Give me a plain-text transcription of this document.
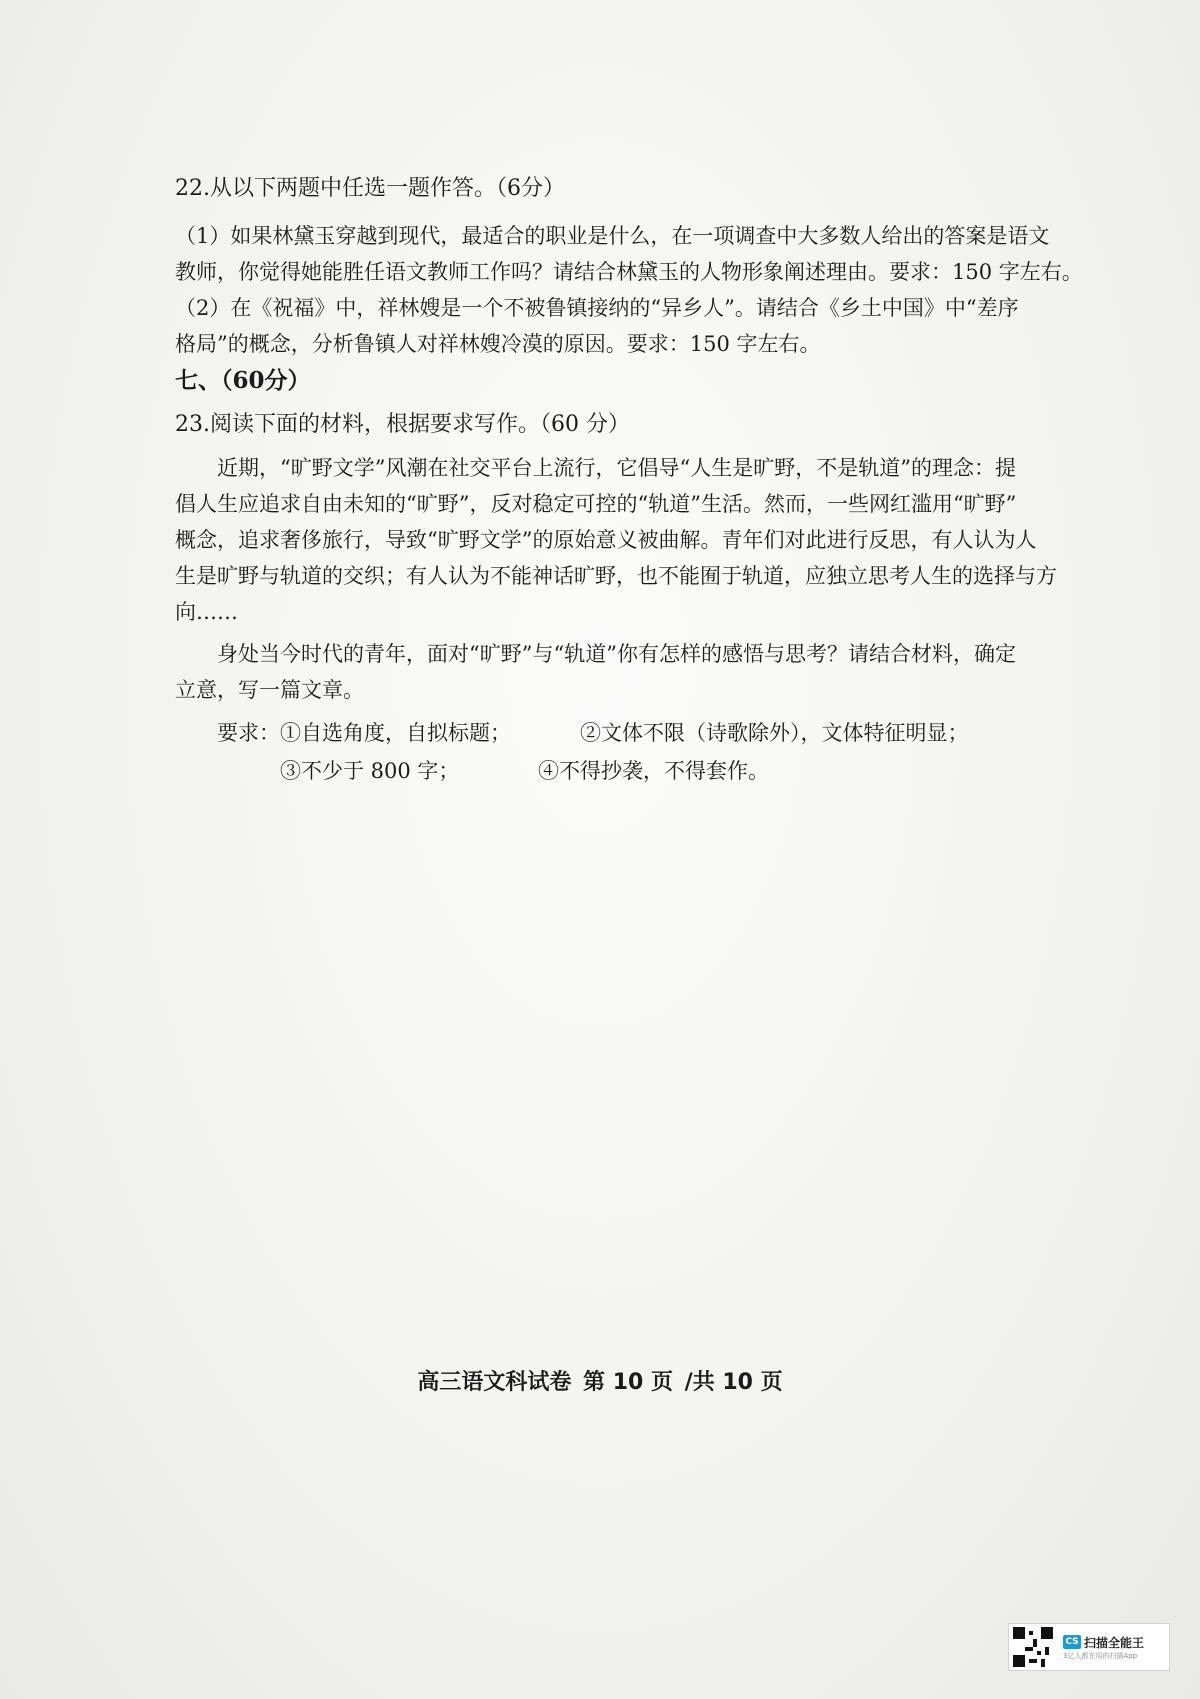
22.从以下两题中任选一题作答。（6分）
（1）如果林黛玉穿越到现代，最适合的职业是什么，在一项调查中大多数人给出的答案是语文
教师，你觉得她能胜任语文教师工作吗？请结合林黛玉的人物形象阐述理由。要求：150 字左右。
（2）在《祝福》中，祥林嫂是一个不被鲁镇接纳的“异乡人”。请结合《乡土中国》中“差序
格局”的概念，分析鲁镇人对祥林嫂冷漠的原因。要求：150 字左右。
七、（60分）
23.阅读下面的材料，根据要求写作。（60 分）
近期，“旷野文学”风潮在社交平台上流行，它倡导“人生是旷野，不是轨道”的理念：提
倡人生应追求自由未知的“旷野”，反对稳定可控的“轨道”生活。然而，一些网红滥用“旷野”
概念，追求奢侈旅行，导致“旷野文学”的原始意义被曲解。青年们对此进行反思，有人认为人
生是旷野与轨道的交织；有人认为不能神话旷野，也不能囿于轨道，应独立思考人生的选择与方
向……
身处当今时代的青年，面对“旷野”与“轨道”你有怎样的感悟与思考？请结合材料，确定
立意，写一篇文章。
要求： ①自选角度，自拟标题；	②文体不限（诗歌除外），文体特征明显；
③不少于 800 字；	④不得抄袭，不得套作。
高三语文科试卷 第 10 页 /共 10 页
CS 扫描全能王
3亿人都在用的扫描App
